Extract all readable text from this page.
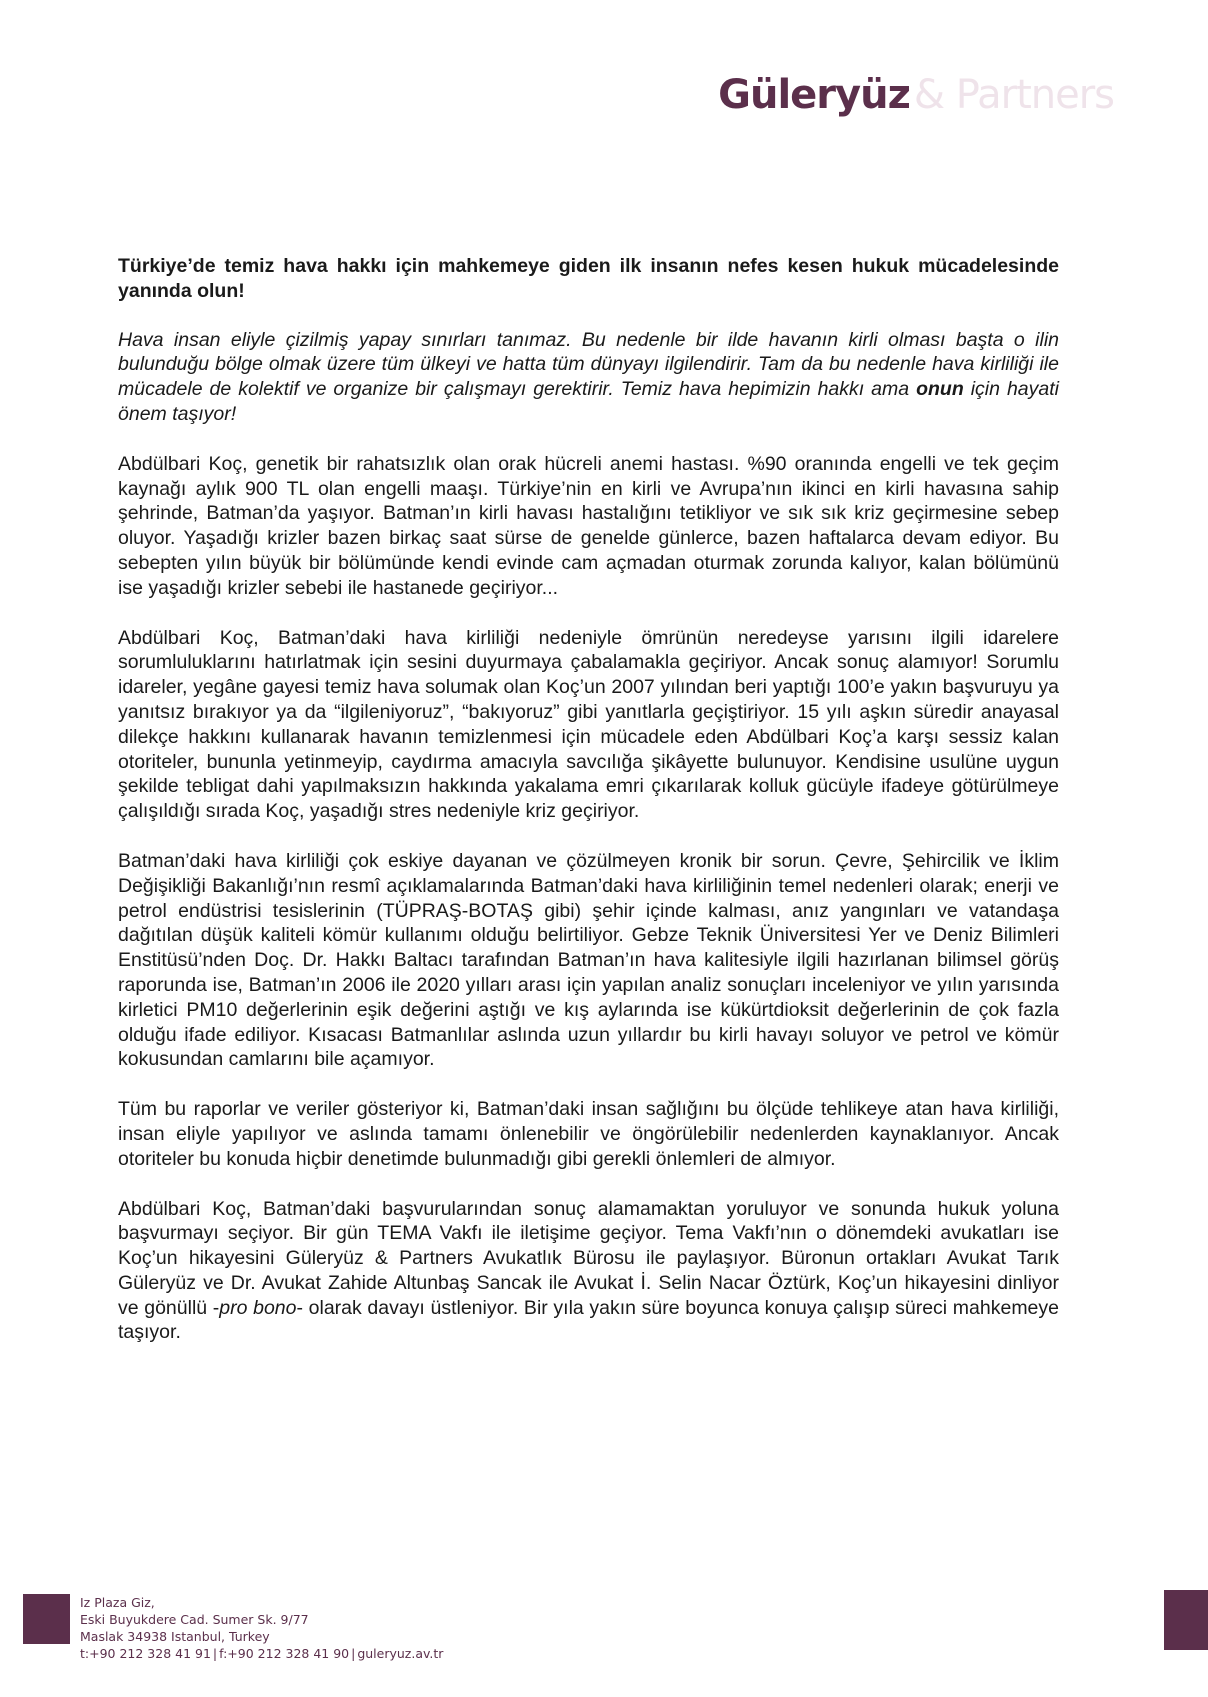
Güleryüz & Partners

Türkiye’de temiz hava hakkı için mahkemeye giden ilk insanın nefes kesen hukuk mücadelesinde yanında olun!

Hava insan eliyle çizilmiş yapay sınırları tanımaz. Bu nedenle bir ilde havanın kirli olması başta o ilin bulunduğu bölge olmak üzere tüm ülkeyi ve hatta tüm dünyayı ilgilendirir. Tam da bu nedenle hava kirliliği ile mücadele de kolektif ve organize bir çalışmayı gerektirir. Temiz hava hepimizin hakkı ama onun için hayati önem taşıyor!

Abdülbari Koç, genetik bir rahatsızlık olan orak hücreli anemi hastası. %90 oranında engelli ve tek geçim kaynağı aylık 900 TL olan engelli maaşı. Türkiye’nin en kirli ve Avrupa’nın ikinci en kirli havasına sahip şehrinde, Batman’da yaşıyor. Batman’ın kirli havası hastalığını tetikliyor ve sık sık kriz geçirmesine sebep oluyor. Yaşadığı krizler bazen birkaç saat sürse de genelde günlerce, bazen haftalarca devam ediyor. Bu sebepten yılın büyük bir bölümünde kendi evinde cam açmadan oturmak zorunda kalıyor, kalan bölümünü ise yaşadığı krizler sebebi ile hastanede geçiriyor...

Abdülbari Koç, Batman’daki hava kirliliği nedeniyle ömrünün neredeyse yarısını ilgili idarelere sorumluluklarını hatırlatmak için sesini duyurmaya çabalamakla geçiriyor. Ancak sonuç alamıyor! Sorumlu idareler, yegâne gayesi temiz hava solumak olan Koç’un 2007 yılından beri yaptığı 100’e yakın başvuruyu ya yanıtsız bırakıyor ya da “ilgileniyoruz”, “bakıyoruz” gibi yanıtlarla geçiştiriyor. 15 yılı aşkın süredir anayasal dilekçe hakkını kullanarak havanın temizlenmesi için mücadele eden Abdülbari Koç’a karşı sessiz kalan otoriteler, bununla yetinmeyip, caydırma amacıyla savcılığa şikâyette bulunuyor. Kendisine usulüne uygun şekilde tebligat dahi yapılmaksızın hakkında yakalama emri çıkarılarak kolluk gücüyle ifadeye götürülmeye çalışıldığı sırada Koç, yaşadığı stres nedeniyle kriz geçiriyor.

Batman’daki hava kirliliği çok eskiye dayanan ve çözülmeyen kronik bir sorun. Çevre, Şehircilik ve İklim Değişikliği Bakanlığı’nın resmî açıklamalarında Batman’daki hava kirliliğinin temel nedenleri olarak; enerji ve petrol endüstrisi tesislerinin (TÜPRAŞ-BOTAŞ gibi) şehir içinde kalması, anız yangınları ve vatandaşa dağıtılan düşük kaliteli kömür kullanımı olduğu belirtiliyor. Gebze Teknik Üniversitesi Yer ve Deniz Bilimleri Enstitüsü’nden Doç. Dr. Hakkı Baltacı tarafından Batman’ın hava kalitesiyle ilgili hazırlanan bilimsel görüş raporunda ise, Batman’ın 2006 ile 2020 yılları arası için yapılan analiz sonuçları inceleniyor ve yılın yarısında kirletici PM10 değerlerinin eşik değerini aştığı ve kış aylarında ise kükürtdioksit değerlerinin de çok fazla olduğu ifade ediliyor. Kısacası Batmanlılar aslında uzun yıllardır bu kirli havayı soluyor ve petrol ve kömür kokusundan camlarını bile açamıyor.

Tüm bu raporlar ve veriler gösteriyor ki, Batman’daki insan sağlığını bu ölçüde tehlikeye atan hava kirliliği, insan eliyle yapılıyor ve aslında tamamı önlenebilir ve öngörülebilir nedenlerden kaynaklanıyor. Ancak otoriteler bu konuda hiçbir denetimde bulunmadığı gibi gerekli önlemleri de almıyor.

Abdülbari Koç, Batman’daki başvurularından sonuç alamamaktan yoruluyor ve sonunda hukuk yoluna başvurmayı seçiyor. Bir gün TEMA Vakfı ile iletişime geçiyor. Tema Vakfı’nın o dönemdeki avukatları ise Koç’un hikayesini Güleryüz & Partners Avukatlık Bürosu ile paylaşıyor. Büronun ortakları Avukat Tarık Güleryüz ve Dr. Avukat Zahide Altunbaş Sancak ile Avukat İ. Selin Nacar Öztürk, Koç’un hikayesini dinliyor ve gönüllü -pro bono- olarak davayı üstleniyor. Bir yıla yakın süre boyunca konuya çalışıp süreci mahkemeye taşıyor.

Iz Plaza Giz,
Eski Buyukdere Cad. Sumer Sk. 9/77
Maslak 34938 Istanbul, Turkey
t:+90 212 328 41 91 | f:+90 212 328 41 90 | guleryuz.av.tr
